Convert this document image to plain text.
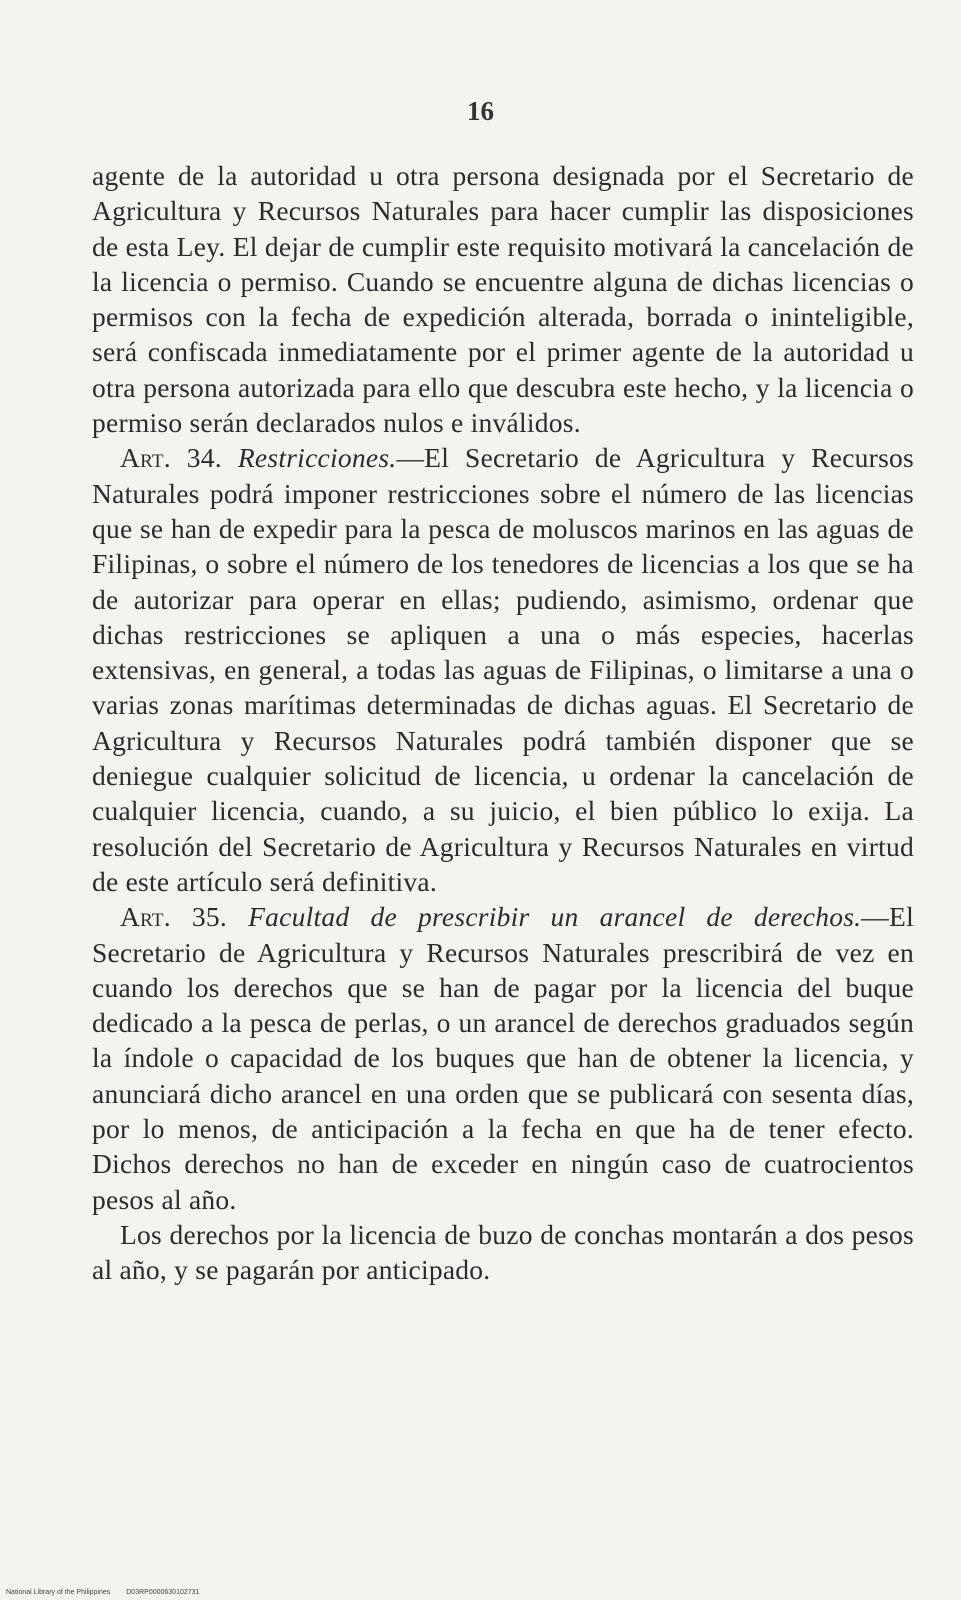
16

agente de la autoridad u otra persona designada por el Secretario de Agricultura y Recursos Naturales para hacer cumplir las disposiciones de esta Ley. El dejar de cumplir este requisito motivará la cancelación de la licencia o permiso. Cuando se encuentre alguna de dichas licencias o permisos con la fecha de expedición alterada, borrada o ininteligible, será confiscada inmediatamente por el primer agente de la autoridad u otra persona autorizada para ello que descubra este hecho, y la licencia o permiso serán declarados nulos e inválidos.

Art. 34. Restricciones.—El Secretario de Agricultura y Recursos Naturales podrá imponer restricciones sobre el número de las licencias que se han de expedir para la pesca de moluscos marinos en las aguas de Filipinas, o sobre el número de los tenedores de licencias a los que se ha de autorizar para operar en ellas; pudiendo, asimismo, ordenar que dichas restricciones se apliquen a una o más especies, hacerlas extensivas, en general, a todas las aguas de Filipinas, o limitarse a una o varias zonas marítimas determinadas de dichas aguas. El Secretario de Agricultura y Recursos Naturales podrá también disponer que se deniegue cualquier solicitud de licencia, u ordenar la cancelación de cualquier licencia, cuando, a su juicio, el bien público lo exija. La resolución del Secretario de Agricultura y Recursos Naturales en virtud de este artículo será definitiva.

Art. 35. Facultad de prescribir un arancel de derechos.—El Secretario de Agricultura y Recursos Naturales prescribirá de vez en cuando los derechos que se han de pagar por la licencia del buque dedicado a la pesca de perlas, o un arancel de derechos graduados según la índole o capacidad de los buques que han de obtener la licencia, y anunciará dicho arancel en una orden que se publicará con sesenta días, por lo menos, de anticipación a la fecha en que ha de tener efecto. Dichos derechos no han de exceder en ningún caso de cuatrocientos pesos al año.

Los derechos por la licencia de buzo de conchas montarán a dos pesos al año, y se pagarán por anticipado.

National Library of the Philippines D03RP0000630102731
